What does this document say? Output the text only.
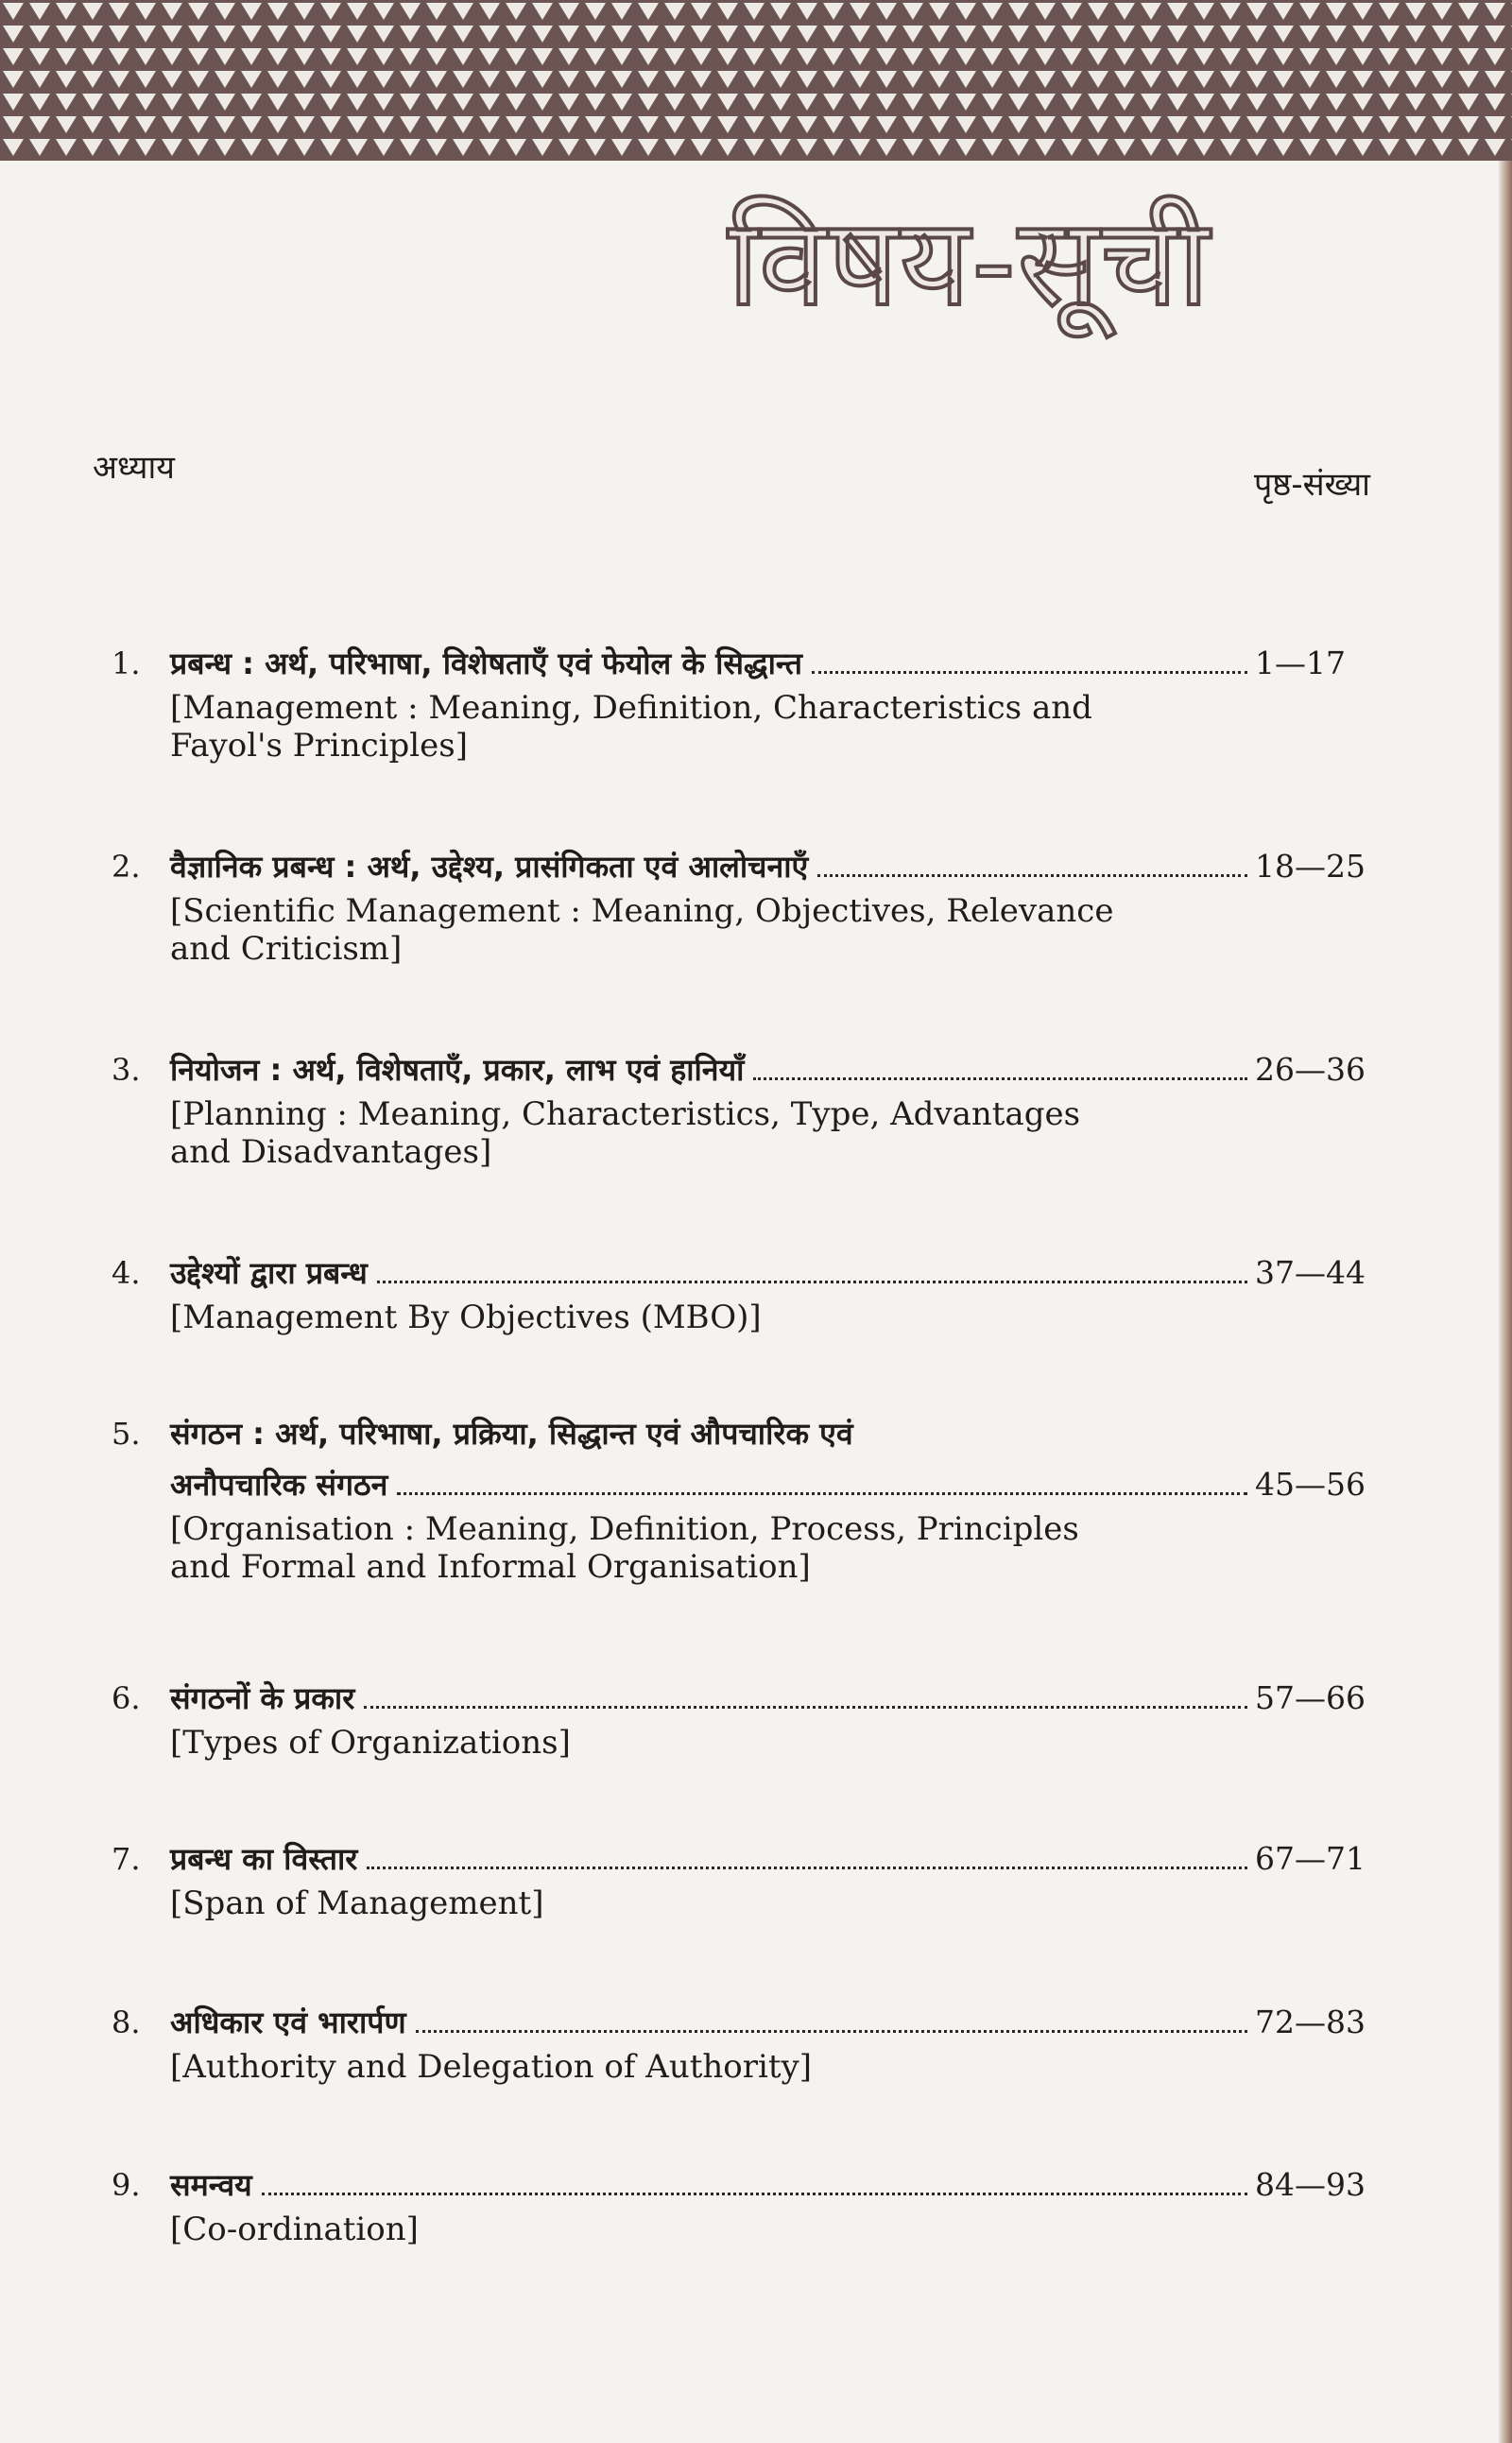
विषय-सूची
अध्याय	पृष्ठ-संख्या
1. प्रबन्ध : अर्थ, परिभाषा, विशेषताएँ एवं फेयोल के सिद्धान्त	1—17
[Management : Meaning, Definition, Characteristics and Fayol's Principles]
2. वैज्ञानिक प्रबन्ध : अर्थ, उद्देश्य, प्रासंगिकता एवं आलोचनाएँ	18—25
[Scientific Management : Meaning, Objectives, Relevance and Criticism]
3. नियोजन : अर्थ, विशेषताएँ, प्रकार, लाभ एवं हानियाँ	26—36
[Planning : Meaning, Characteristics, Type, Advantages and Disadvantages]
4. उद्देश्यों द्वारा प्रबन्ध	37—44
[Management By Objectives (MBO)]
5. संगठन : अर्थ, परिभाषा, प्रक्रिया, सिद्धान्त एवं औपचारिक एवं
अनौपचारिक संगठन	45—56
[Organisation : Meaning, Definition, Process, Principles and Formal and Informal Organisation]
6. संगठनों के प्रकार	57—66
[Types of Organizations]
7. प्रबन्ध का विस्तार	67—71
[Span of Management]
8. अधिकार एवं भारार्पण	72—83
[Authority and Delegation of Authority]
9. समन्वय	84—93
[Co-ordination]
